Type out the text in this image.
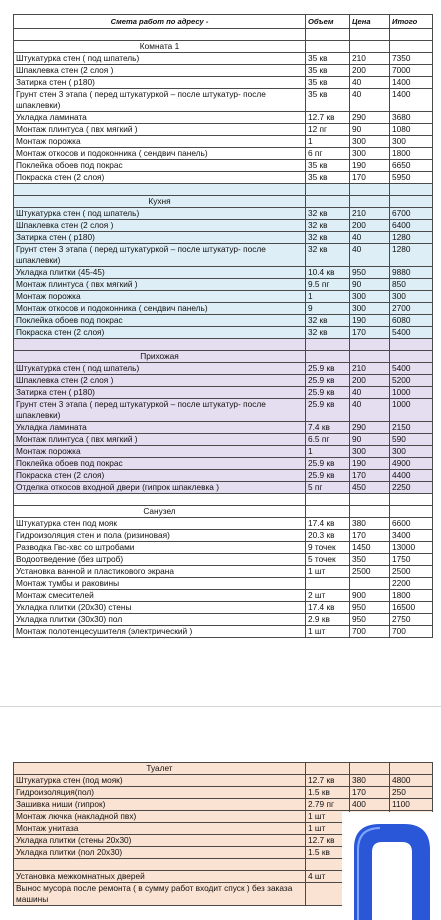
Смета работ по адресу -	Объем	Цена	Итого

Комната 1			
Штукатурка стен ( под шпатель)	35 кв	210	7350
Шпаклевка стен (2 слоя )	35 кв	200	7000
Затирка стен ( р180)	35 кв	40	1400
Грунт стен 3 этапа ( перед штукатуркой – после штукатур- после шпаклевки)	35 кв	40	1400
Укладка ламината	12.7 кв	290	3680
Монтаж плинтуса ( пвх мягкий )	12 пг	90	1080
Монтаж порожка	1	300	300
Монтаж откосов и подоконника ( сендвич панель)	6 пг	300	1800
Поклейка обоев под покрас	35 кв	190	6650
Покраска стен (2 слоя)	35 кв	170	5950

Кухня			
Штукатурка стен ( под шпатель)	32 кв	210	6700
Шпаклевка стен (2 слоя )	32 кв	200	6400
Затирка стен ( р180)	32 кв	40	1280
Грунт стен 3 этапа ( перед штукатуркой – после штукатур- после шпаклевки)	32 кв	40	1280
Укладка плитки (45-45)	10.4 кв	950	9880
Монтаж плинтуса ( пвх мягкий )	9.5 пг	90	850
Монтаж порожка	1	300	300
Монтаж откосов и подоконника ( сендвич панель)	9	300	2700
Поклейка обоев под покрас	32 кв	190	6080
Покраска стен (2 слоя)	32 кв	170	5400

Прихожая			
Штукатурка стен ( под шпатель)	25.9 кв	210	5400
Шпаклевка стен (2 слоя )	25.9 кв	200	5200
Затирка стен ( р180)	25.9 кв	40	1000
Грунт стен 3 этапа ( перед штукатуркой – после штукатур- после шпаклевки)	25.9 кв	40	1000
Укладка ламината	7.4 кв	290	2150
Монтаж плинтуса ( пвх мягкий )	6.5 пг	90	590
Монтаж порожка	1	300	300
Поклейка обоев под покрас	25.9 кв	190	4900
Покраска стен (2 слоя)	25.9 кв	170	4400
Отделка откосов входной двери (гипрок шпаклевка )	5 пг	450	2250

Санузел			
Штукатурка стен под мояк	17.4 кв	380	6600
Гидроизоляция стен и пола (ризиновая)	20.3 кв	170	3400
Разводка Гвс-хвс со штробами	9 точек	1450	13000
Водоотведение (без штроб)	5 точек	350	1750
Установка ванной и пластикового экрана	1 шт	2500	2500
Монтаж тумбы и раковины			2200
Монтаж смесителей	2 шт	900	1800
Укладка плитки (20х30) стены	17.4 кв	950	16500
Укладка плитки (30х30) пол	2.9 кв	950	2750
Монтаж полотенцесушителя (электрический )	1 шт	700	700
Туалет			
Штукатурка стен (под мояк)	12.7 кв	380	4800
Гидроизоляция(пол)	1.5 кв	170	250
Зашивка ниши (гипрок)	2.79 пг	400	1100
Монтаж лючка (накладной пвх)	1 шт		
Монтаж унитаза	1 шт		
Укладка плитки (стены 20х30)	12.7 кв		
Укладка плитки (пол 20х30)	1.5 кв		

Установка межкомнатных дверей	4 шт		
Вынос мусора после ремонта ( в сумму работ входит спуск ) без заказа машины			
